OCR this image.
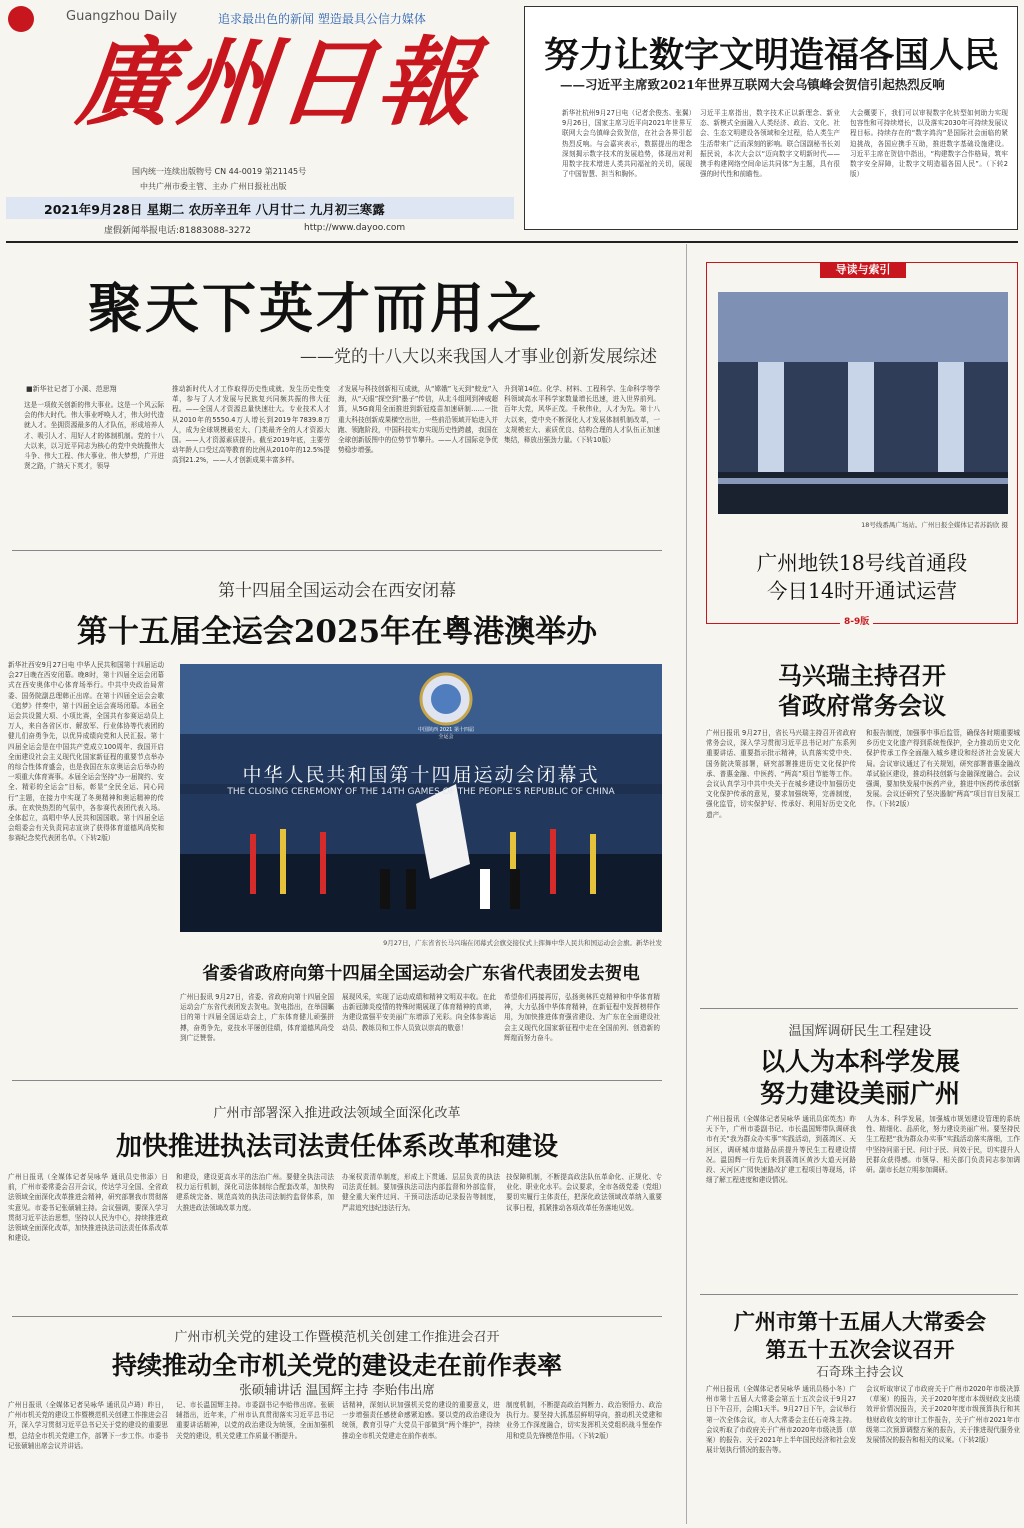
Guangzhou Daily	追求最出色的新闻 塑造最具公信力媒体
廣州日報
国内统一连续出版物号 CN 44-0019 第21145号
中共广州市委主管、主办 广州日报社出版
2021年9月28日 星期二 农历辛丑年 八月廿二 九月初三寒露
虚假新闻举报电话:81883088-3272	http://www.dayoo.com
努力让数字文明造福各国人民
——习近平主席致2021年世界互联网大会乌镇峰会贺信引起热烈反响
新华社杭州9月27日电（记者余俊杰、张翼）9月26日，国家主席习近平向2021年世界互联网大会乌镇峰会致贺信，在社会各界引起热烈反响。与会嘉宾表示，数据提出的理念深刻揭示数字技术的发展趋势，体现出对利用数字技术增进人类共同福祉的关切，展现了中国智慧、担当和胸怀。
习近平主席指出，数字技术正以新理念、新业态、新模式全面融入人类经济、政治、文化、社会、生态文明建设各领域和全过程，给人类生产生活带来广泛而深刻的影响。联合国副秘书长刘振民说，本次大会以“迈向数字文明新时代——携手构建网络空间命运共同体”为主题，具有很强的时代性和前瞻性。
大会概要下，我们可以审视数字化转型如何助力实现包容性和可持续增长，以及落实2030年可持续发展议程目标。持续存在的“数字鸿沟”是国际社会面临的紧迫挑战，各国应携手互助，推进数字基础设施建设。习近平主席在贺信中指出，“构建数字合作格局，筑牢数字安全屏障，让数字文明造福各国人民”。（下转2版）
聚天下英才而用之
——党的十八大以来我国人才事业创新发展综述
■新华社记者丁小溪、范思翔
这是一项攸关创新的伟大事业。这是一个风云际会的伟大时代。伟大事业呼唤人才，伟大时代造就人才。坐拥资源最多的人才队伍，形成培养人才、吸引人才、用好人才的体制机制。党的十八大以来，以习近平同志为核心的党中央统揽伟大斗争、伟大工程、伟大事业、伟大梦想，广开进贤之路，广纳天下英才，领导
推动新时代人才工作取得历史性成就、发生历史性变革，参与了人才发展与民族复兴同频共振的伟大征程。——全国人才资源总量快速壮大。专业技术人才从2010年的5550.4万人增长到2019年7839.8万人，成为全球规模最宏大、门类最齐全的人才资源大国。——人才资源素质提升。截至2019年底，主要劳动年龄人口受过高等教育的比例从2010年的12.5%提高到21.2%，——人才创新成果丰富多样。
才发展与科技创新相互成就，从“嫦娥”飞天到“蛟龙”入海，从“天眼”探空到“墨子”传信，从北斗组网到神威超算，从5G商用全面推进到新冠疫苗加速研制……一批重大科技创新成果横空出世，一些前沿领域开始进入并跑、领跑阶段，中国科技实力实现历史性跨越，我国在全球创新版图中的位势节节攀升。——人才国际竞争优势稳步增强。
升到第14位。化学、材料、工程科学、生命科学等学科领域高水平科学家数量增长迅速，进入世界前列。百年大党，风华正茂。千秋伟业，人才为先。第十八大以来，党中央不断深化人才发展体制机制改革，一支规模宏大、素质优良、结构合理的人才队伍正加速集结，释放出强劲力量。（下转10版）
第十四届全国运动会在西安闭幕
第十五届全运会2025年在粤港澳举办
新华社西安9月27日电 中华人民共和国第十四届运动会27日晚在西安闭幕。晚8时，第十四届全运会闭幕式在西安奥体中心体育场举行。中共中央政治局常委、国务院副总理韩正出席。在第十四届全运会会歌《追梦》伴奏中，第十四届全运会赛场闭幕。本届全运会共设置大项、小项比赛，全国共有参赛运动员上万人，来自各省区市、解放军、行业体协等代表团的健儿们奋勇争先，以优异成绩向党和人民汇报。第十四届全运会是在中国共产党成立100周年、我国开启全面建设社会主义现代化国家新征程的重要节点举办的综合性体育盛会，也是我国在东京奥运会后举办的一项重大体育赛事。本届全运会坚持“办一届简约、安全、精彩的全运会”目标，彰显“全民全运、同心同行”主题，在接力中实现了冬奥精神和奥运精神的传承。在欢快热烈的气氛中，各参赛代表团代表入场。全体起立，高唱中华人民共和国国歌。第十四届全运会组委会有关负责同志宣读了获得体育道德风尚奖和参赛纪念奖代表团名单。（下转2版）
中国陕西 2021 第十四届全运会
中华人民共和国第十四届运动会闭幕式
THE CLOSING CEREMONY OF THE 14TH GAMES OF THE PEOPLE'S REPUBLIC OF CHINA
9月27日，广东省省长马兴瑞在闭幕式会旗交接仪式上挥舞中华人民共和国运动会会旗。新华社发
省委省政府向第十四届全国运动会广东省代表团发去贺电
广州日报讯 9月27日，省委、省政府向第十四届全国运动会广东省代表团发去贺电。贺电指出，在举国瞩目的第十四届全国运动会上，广东体育健儿顽强拼搏，奋勇争先，竞技水平屡创佳绩，体育道德风尚受到广泛赞誉。
展现风采，实现了运动成绩和精神文明双丰收。在此击新冠肺炎疫情的特殊时期展现了体育精神的真谛，为建设富强平安美丽广东增添了光彩。向全体参赛运动员、教练员和工作人员致以崇高的敬意！
希望你们再接再厉，弘扬奥林匹克精神和中华体育精神，大力弘扬中华体育精神，在新征程中发挥榜样作用，为加快推进体育强省建设、为广东在全面建设社会主义现代化国家新征程中走在全国前列、创造新的辉煌而努力奋斗。
广州市部署深入推进政法领域全面深化改革
加快推进执法司法责任体系改革和建设
广州日报讯（全媒体记者吴咏华 通讯员史伟添）日前，广州市委常委会召开会议，传达学习全国、全省政法领域全面深化改革推进会精神，研究部署我市贯彻落实意见。市委书记张硕辅主持。会议强调，要深入学习贯彻习近平法治思想，坚持以人民为中心，持续推进政法领域全面深化改革，加快推进执法司法责任体系改革和建设。
和建设，建设更高水平的法治广州。要健全执法司法权力运行机制，深化司法体制综合配套改革，加快构建系统完备、规范高效的执法司法制约监督体系，加大推进政法领域改革力度。
办案权责清单制度，形成上下贯通、层层负责的执法司法责任制。要加强执法司法内部监督和外部监督，健全重大案件过问、干预司法活动记录报告等制度，严肃追究违纪违法行为。
技保障机制，不断提高政法队伍革命化、正规化、专业化、职业化水平。会议要求，全市各级党委（党组）要切实履行主体责任，把深化政法领域改革纳入重要议事日程，抓紧推动各项改革任务落地见效。
广州市机关党的建设工作暨模范机关创建工作推进会召开
持续推动全市机关党的建设走在前作表率
张硕辅讲话 温国辉主持 李贻伟出席
广州日报讯（全媒体记者吴咏华 通讯员卢琦）昨日，广州市机关党的建设工作暨模范机关创建工作推进会召开，深入学习贯彻习近平总书记关于党的建设的重要思想，总结全市机关党建工作，部署下一步工作。市委书记张硕辅出席会议并讲话。
记、市长温国辉主持。市委副书记李贻伟出席。张硕辅指出，近年来，广州市认真贯彻落实习近平总书记重要讲话精神，以党的政治建设为统领，全面加强机关党的建设，机关党建工作质量不断提升。
话精神，深刻认识加强机关党的建设的重要意义，进一步增强责任感使命感紧迫感。要以党的政治建设为统领，教育引导广大党员干部做到“两个维护”，持续推动全市机关党建走在前作表率。
制度机制，不断提高政治判断力、政治领悟力、政治执行力。要坚持大抓基层鲜明导向，推动机关党建和业务工作深度融合，切实发挥机关党组织战斗堡垒作用和党员先锋模范作用。（下转2版）
导读与索引
18号线番禺广场站。广州日报全媒体记者苏韵欣 摄
广州地铁18号线首通段
今日14时开通试运营
8-9版
马兴瑞主持召开
省政府常务会议
广州日报讯 9月27日，省长马兴瑞主持召开省政府常务会议，深入学习贯彻习近平总书记对广东系列重要讲话、重要指示批示精神，认真落实党中央、国务院决策部署，研究部署推进历史文化保护传承、普惠金融、中医药、“两高”项目节能等工作。会议认真学习中共中央关于在城乡建设中加强历史文化保护传承的意见，要求加强统筹，完善制度，强化监管，切实保护好、传承好、利用好历史文化遗产。
和报告制度，加强事中事后监管，确保各时期重要城乡历史文化遗产得到系统性保护，全力推动历史文化保护传承工作全面融入城乡建设和经济社会发展大局。会议审议通过了有关规划，研究部署普惠金融改革试验区建设，推动科技创新与金融深度融合。会议强调，要加快发展中医药产业，推进中医药传承创新发展。会议还研究了坚决遏制“两高”项目盲目发展工作。（下转2版）
温国辉调研民生工程建设
以人为本科学发展
努力建设美丽广州
广州日报讯（全媒体记者吴咏华 通讯员邱英杰）昨天下午，广州市委副书记、市长温国辉带队调研我市有关“我为群众办实事”实践活动，到荔湾区、天河区，调研城市道路品质提升等民生工程建设情况。温国辉一行先后来到荔湾区黄沙大道天河路段、天河区广园快速路改扩建工程项目等现场，详细了解工程进度和建设情况。
人为本、科学发展，加强城市规划建设管理的系统性、精细化、品质化，努力建设美丽广州。要坚持民生工程把“我为群众办实事”实践活动落实落细，工作中坚持问需于民、问计于民、问效于民，切实提升人民群众获得感。市领导、相关部门负责同志参加调研。副市长赵立明参加调研。
广州市第十五届人大常委会
第五十五次会议召开
石奇珠主持会议
广州日报讯（全媒体记者吴咏华 通讯员杨小冬）广州市第十五届人大常委会第五十五次会议于9月27日下午召开，会期1天半。9月27日下午，会议举行第一次全体会议，市人大常委会主任石奇珠主持。会议听取了市政府关于广州市2020年市级决算（草案）的报告、关于2021年上半年国民经济和社会发展计划执行情况的报告等。
会议听取审议了市政府关于广州市2020年市级决算（草案）的报告，关于2020年度市本级财政支出绩效评价情况报告，关于2020年度市级预算执行和其他财政收支的审计工作报告，关于广州市2021年市级第二次预算调整方案的报告，关于推进现代服务业发展情况的报告和相关的议案。（下转2版）
